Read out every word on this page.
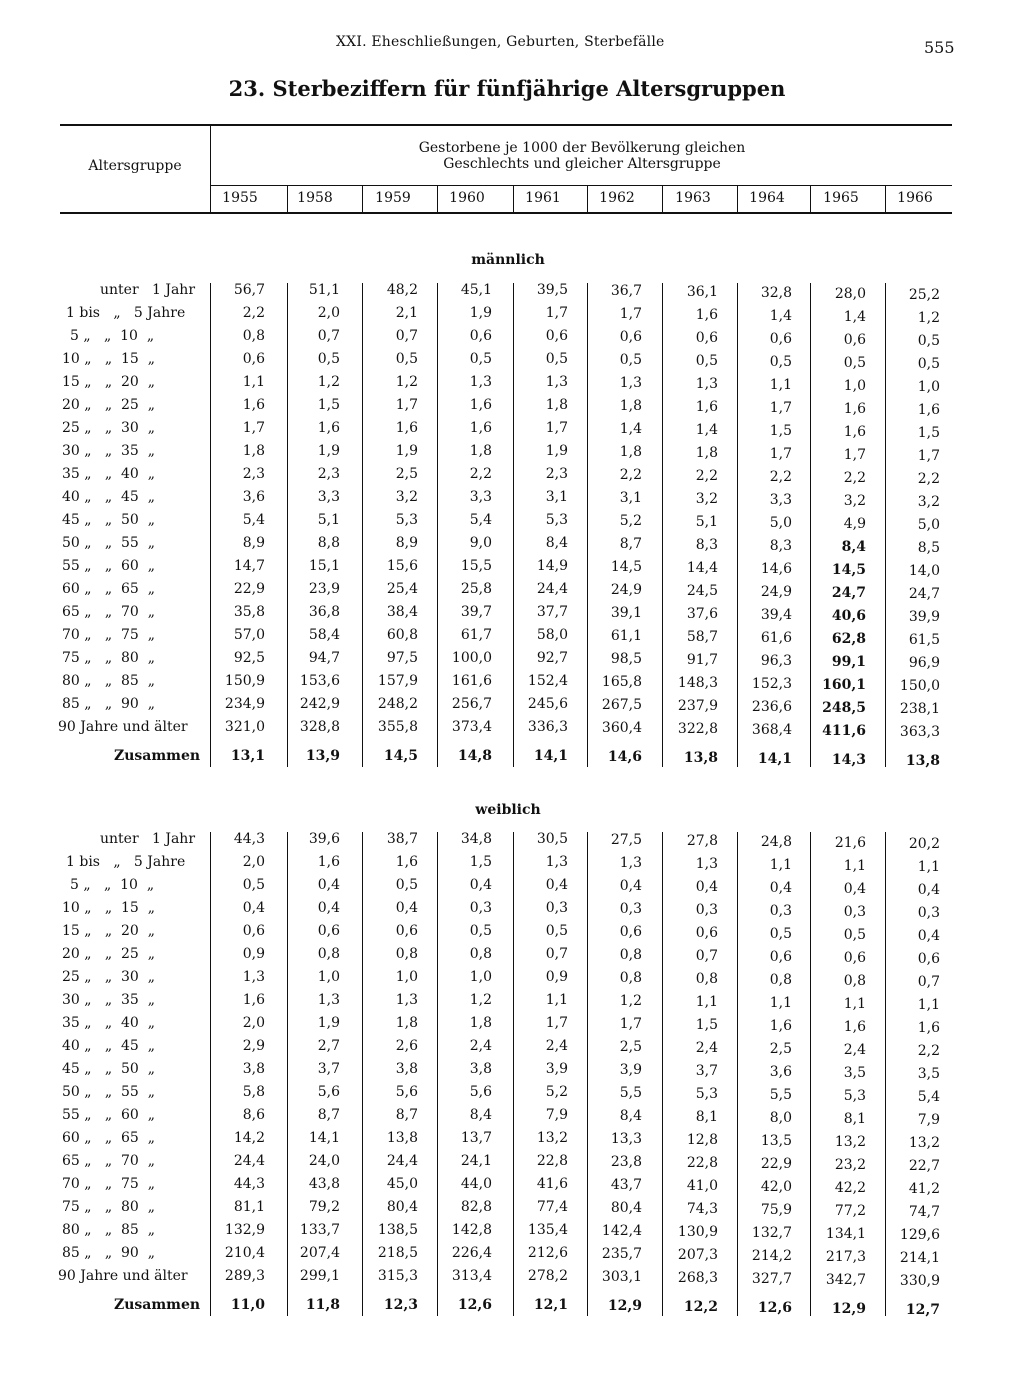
XXI. Eheschließungen, Geburten, Sterbefälle	555
23. Sterbeziffern für fünfjährige Altersgruppen
Altersgruppe
Gestorbene je 1000 der Bevölkerung gleichen
Geschlechts und gleicher Altersgruppe
1955	1958	1959	1960	1961	1962	1963	1964	1965	1966
männlich
unter   1 Jahr	56,7	51,1	48,2	45,1	39,5	36,7	36,1	32,8	28,0	25,2
1 bis   „   5 Jahre	2,2	2,0	2,1	1,9	1,7	1,7	1,6	1,4	1,4	1,2
5 „   „  10  „	0,8	0,7	0,7	0,6	0,6	0,6	0,6	0,6	0,6	0,5
10 „   „  15  „	0,6	0,5	0,5	0,5	0,5	0,5	0,5	0,5	0,5	0,5
15 „   „  20  „	1,1	1,2	1,2	1,3	1,3	1,3	1,3	1,1	1,0	1,0
20 „   „  25  „	1,6	1,5	1,7	1,6	1,8	1,8	1,6	1,7	1,6	1,6
25 „   „  30  „	1,7	1,6	1,6	1,6	1,7	1,4	1,4	1,5	1,6	1,5
30 „   „  35  „	1,8	1,9	1,9	1,8	1,9	1,8	1,8	1,7	1,7	1,7
35 „   „  40  „	2,3	2,3	2,5	2,2	2,3	2,2	2,2	2,2	2,2	2,2
40 „   „  45  „	3,6	3,3	3,2	3,3	3,1	3,1	3,2	3,3	3,2	3,2
45 „   „  50  „	5,4	5,1	5,3	5,4	5,3	5,2	5,1	5,0	4,9	5,0
50 „   „  55  „	8,9	8,8	8,9	9,0	8,4	8,7	8,3	8,3	8,4	8,5
55 „   „  60  „	14,7	15,1	15,6	15,5	14,9	14,5	14,4	14,6	14,5	14,0
60 „   „  65  „	22,9	23,9	25,4	25,8	24,4	24,9	24,5	24,9	24,7	24,7
65 „   „  70  „	35,8	36,8	38,4	39,7	37,7	39,1	37,6	39,4	40,6	39,9
70 „   „  75  „	57,0	58,4	60,8	61,7	58,0	61,1	58,7	61,6	62,8	61,5
75 „   „  80  „	92,5	94,7	97,5	100,0	92,7	98,5	91,7	96,3	99,1	96,9
80 „   „  85  „	150,9	153,6	157,9	161,6	152,4	165,8	148,3	152,3	160,1	150,0
85 „   „  90  „	234,9	242,9	248,2	256,7	245,6	267,5	237,9	236,6	248,5	238,1
90 Jahre und älter	321,0	328,8	355,8	373,4	336,3	360,4	322,8	368,4	411,6	363,3
Zusammen	13,1	13,9	14,5	14,8	14,1	14,6	13,8	14,1	14,3	13,8
weiblich
unter   1 Jahr	44,3	39,6	38,7	34,8	30,5	27,5	27,8	24,8	21,6	20,2
1 bis   „   5 Jahre	2,0	1,6	1,6	1,5	1,3	1,3	1,3	1,1	1,1	1,1
5 „   „  10  „	0,5	0,4	0,5	0,4	0,4	0,4	0,4	0,4	0,4	0,4
10 „   „  15  „	0,4	0,4	0,4	0,3	0,3	0,3	0,3	0,3	0,3	0,3
15 „   „  20  „	0,6	0,6	0,6	0,5	0,5	0,6	0,6	0,5	0,5	0,4
20 „   „  25  „	0,9	0,8	0,8	0,8	0,7	0,8	0,7	0,6	0,6	0,6
25 „   „  30  „	1,3	1,0	1,0	1,0	0,9	0,8	0,8	0,8	0,8	0,7
30 „   „  35  „	1,6	1,3	1,3	1,2	1,1	1,2	1,1	1,1	1,1	1,1
35 „   „  40  „	2,0	1,9	1,8	1,8	1,7	1,7	1,5	1,6	1,6	1,6
40 „   „  45  „	2,9	2,7	2,6	2,4	2,4	2,5	2,4	2,5	2,4	2,2
45 „   „  50  „	3,8	3,7	3,8	3,8	3,9	3,9	3,7	3,6	3,5	3,5
50 „   „  55  „	5,8	5,6	5,6	5,6	5,2	5,5	5,3	5,5	5,3	5,4
55 „   „  60  „	8,6	8,7	8,7	8,4	7,9	8,4	8,1	8,0	8,1	7,9
60 „   „  65  „	14,2	14,1	13,8	13,7	13,2	13,3	12,8	13,5	13,2	13,2
65 „   „  70  „	24,4	24,0	24,4	24,1	22,8	23,8	22,8	22,9	23,2	22,7
70 „   „  75  „	44,3	43,8	45,0	44,0	41,6	43,7	41,0	42,0	42,2	41,2
75 „   „  80  „	81,1	79,2	80,4	82,8	77,4	80,4	74,3	75,9	77,2	74,7
80 „   „  85  „	132,9	133,7	138,5	142,8	135,4	142,4	130,9	132,7	134,1	129,6
85 „   „  90  „	210,4	207,4	218,5	226,4	212,6	235,7	207,3	214,2	217,3	214,1
90 Jahre und älter	289,3	299,1	315,3	313,4	278,2	303,1	268,3	327,7	342,7	330,9
Zusammen	11,0	11,8	12,3	12,6	12,1	12,9	12,2	12,6	12,9	12,7
